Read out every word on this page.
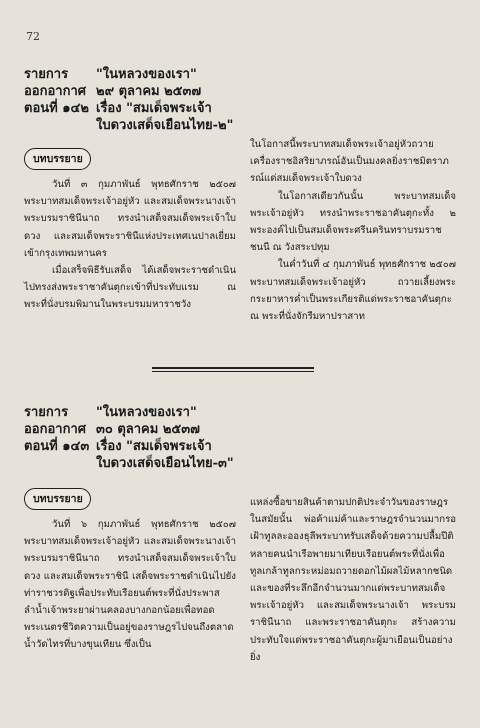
72
รายการ	"ในหลวงของเรา"
ออกอากาศ ๒๙ ตุลาคม ๒๕๓๗
ตอนที่ ๑๔๒ เรื่อง "สมเด็จพระเจ้า
ใบดวงเสด็จเยือนไทย-๒"
บทบรรยาย

วันที่ ๓ กุมภาพันธ์ พุทธศักราช ๒๕๐๗ พระบาทสมเด็จพระเจ้าอยู่หัว และสมเด็จพระนางเจ้า พระบรมราชินีนาถ ทรงนำเสด็จสมเด็จพระเจ้าใบดวง และสมเด็จพระราชินีแห่งประเทศเนปาลเยี่ยมเข้ากรุงเทพมหานคร

เมื่อเสร็จพิธีรับเสด็จ ได้เสด็จพระราชดำเนินไปทรงส่งพระราชาคันตุกะเข้าที่ประทับแรม ณ พระที่นั่งบรมพิมานในพระบรมมหาราชวัง

ในโอกาสนี้พระบาทสมเด็จพระเจ้าอยู่หัวถวายเครื่องราชอิสริยาภรณ์อันเป็นมงคลยิ่งราชมิตราภรณ์แด่สมเด็จพระเจ้าใบดวง

ในโอกาสเดียวกันนั้น พระบาทสมเด็จพระเจ้าอยู่หัว ทรงนำพระราชอาคันตุกะทั้ง ๒ พระองค์ไปเป็นสมเด็จพระศรีนครินทราบรมราชชนนี ณ วังสระปทุม

ในค่ำวันที่ ๔ กุมภาพันธ์ พุทธศักราช ๒๕๐๗ พระบาทสมเด็จพระเจ้าอยู่หัว ถวายเลี้ยงพระกระยาหารค่ำเป็นพระเกียรติแด่พระราชอาคันตุกะ ณ พระที่นั่งจักรีมหาปราสาท

รายการ	"ในหลวงของเรา"
ออกอากาศ ๓๐ ตุลาคม ๒๕๓๗
ตอนที่ ๑๔๓ เรื่อง "สมเด็จพระเจ้า
ใบดวงเสด็จเยือนไทย-๓"
บทบรรยาย

วันที่ ๖ กุมภาพันธ์ พุทธศักราช ๒๕๐๗ พระบาทสมเด็จพระเจ้าอยู่หัว และสมเด็จพระนางเจ้า พระบรมราชินีนาถ ทรงนำเสด็จสมเด็จพระเจ้าใบดวง และสมเด็จพระราชินี เสด็จพระราชดำเนินไปยังท่าราชวรดิฐเพื่อประทับเรือยนต์พระที่นั่งประพาสลำน้ำเจ้าพระยาผ่านคลองบางกอกน้อยเพื่อทอดพระเนตรชีวิตความเป็นอยู่ของราษฎรไปจนถึงตลาดน้ำวัดไทรที่บางขุนเทียน ซึ่งเป็น

แหล่งซื้อขายสินค้าตามปกติประจำวันของราษฎรในสมัยนั้น พ่อค้าแม่ค้าและราษฎรจำนวนมากรอเฝ้าทูลละอองธุลีพระบาทรับเสด็จด้วยความปลื้มปีติ หลายคนนำเรือพายมาเทียบเรือยนต์พระที่นั่งเพื่อทูลเกล้าทูลกระหม่อมถวายดอกไม้ผลไม้หลากชนิดและของที่ระลึกอีกจำนวนมากแด่พระบาทสมเด็จพระเจ้าอยู่หัว และสมเด็จพระนางเจ้า พระบรมราชินีนาถ และพระราชอาคันตุกะ สร้างความประทับใจแด่พระราชอาคันตุกะผู้มาเยือนเป็นอย่างยิ่ง
